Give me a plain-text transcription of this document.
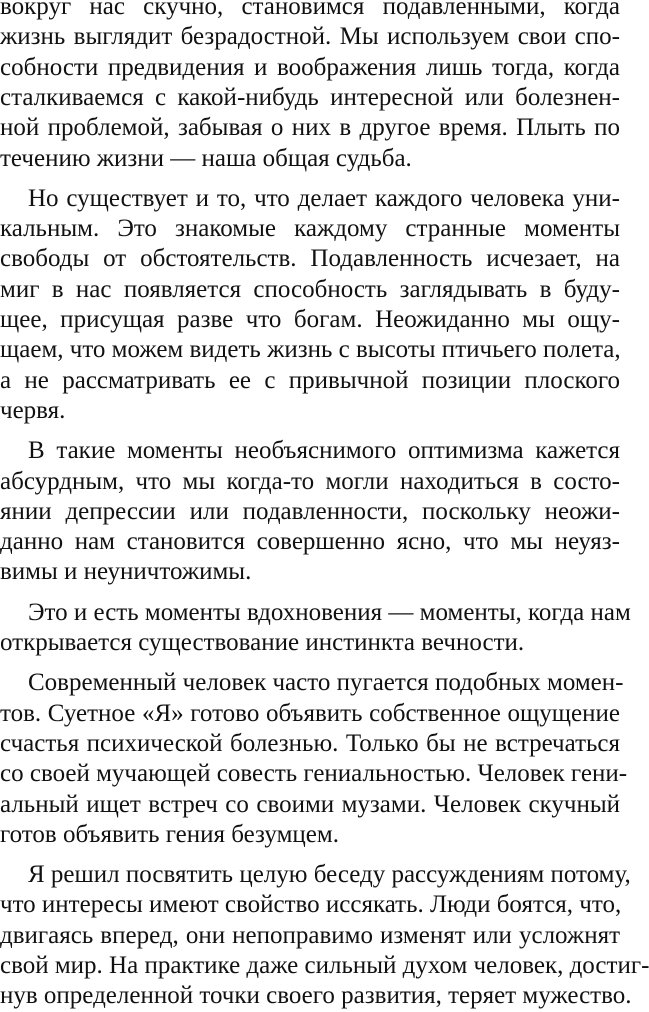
вокруг нас скучно, становимся подавленными, когда
жизнь выглядит безрадостной. Мы используем свои спо-
собности предвидения и воображения лишь тогда, когда
сталкиваемся с какой-нибудь интересной или болезнен-
ной проблемой, забывая о них в другое время. Плыть по
течению жизни — наша общая судьба.
Но существует и то, что делает каждого человека уни-
кальным. Это знакомые каждому странные моменты
свободы от обстоятельств. Подавленность исчезает, на
миг в нас появляется способность заглядывать в буду-
щее, присущая разве что богам. Неожиданно мы ощу-
щаем, что можем видеть жизнь с высоты птичьего полета,
а не рассматривать ее с привычной позиции плоского
червя.
В такие моменты необъяснимого оптимизма кажется
абсурдным, что мы когда-то могли находиться в состо-
янии депрессии или подавленности, поскольку неожи-
данно нам становится совершенно ясно, что мы неуяз-
вимы и неуничтожимы.
Это и есть моменты вдохновения — моменты, когда нам
открывается существование инстинкта вечности.
Современный человек часто пугается подобных момен-
тов. Суетное «Я» готово объявить собственное ощущение
счастья психической болезнью. Только бы не встречаться
со своей мучающей совесть гениальностью. Человек гени-
альный ищет встреч со своими музами. Человек скучный
готов объявить гения безумцем.
Я решил посвятить целую беседу рассуждениям потому,
что интересы имеют свойство иссякать. Люди боятся, что,
двигаясь вперед, они непоправимо изменят или усложнят
свой мир. На практике даже сильный духом человек, достиг-
нув определенной точки своего развития, теряет мужество.
